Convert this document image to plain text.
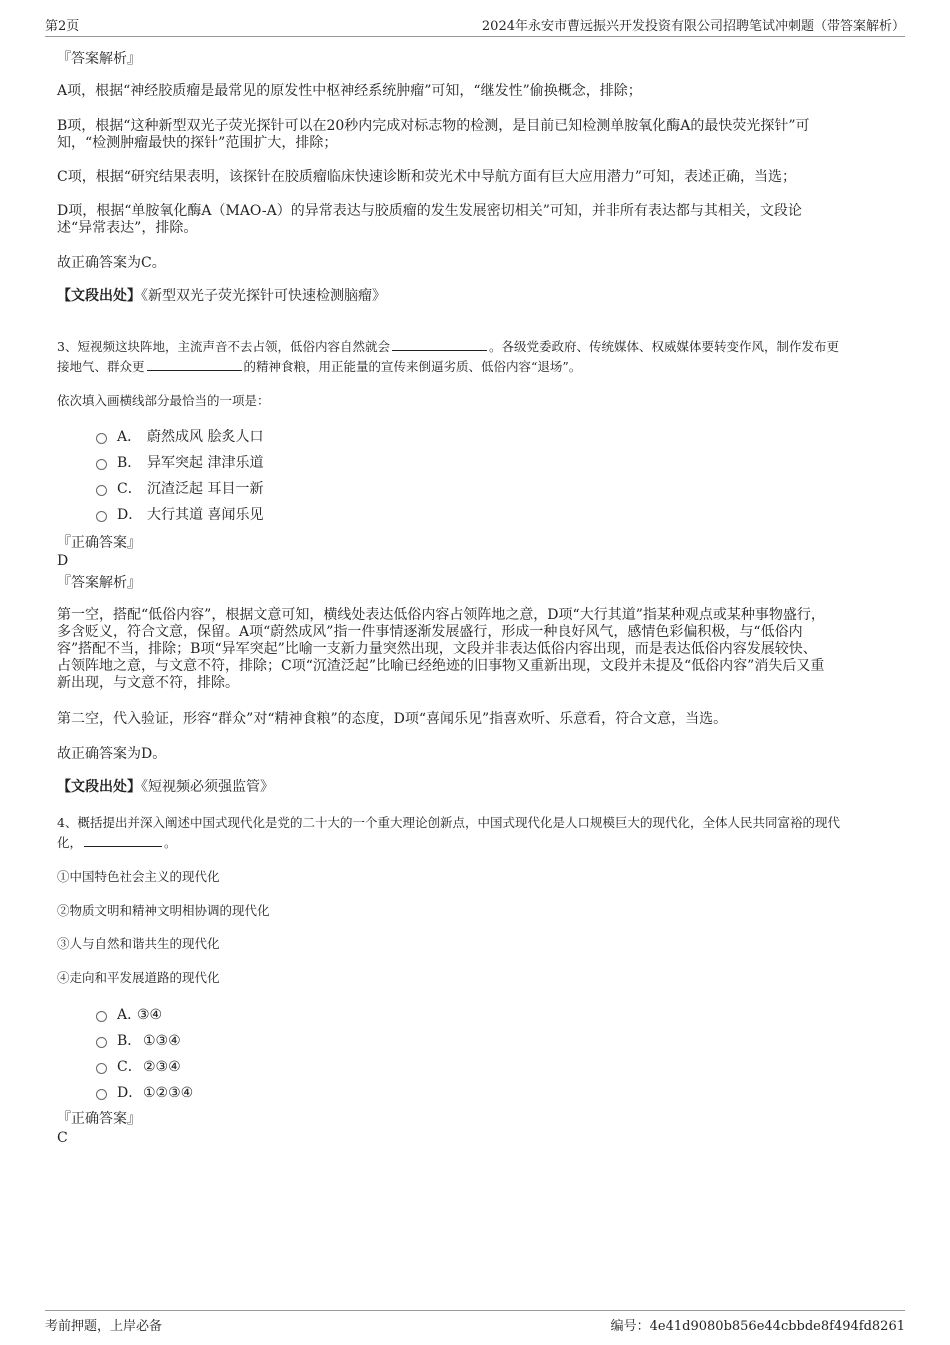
第2页	2024年永安市曹远振兴开发投资有限公司招聘笔试冲刺题（带答案解析）
『答案解析』
A项，根据“神经胶质瘤是最常见的原发性中枢神经系统肿瘤”可知，“继发性”偷换概念，排除；
B项，根据“这种新型双光子荧光探针可以在20秒内完成对标志物的检测，是目前已知检测单胺氧化酶A的最快荧光探针”可
知，“检测肿瘤最快的探针”范围扩大，排除；
C项，根据“研究结果表明，该探针在胶质瘤临床快速诊断和荧光术中导航方面有巨大应用潜力”可知，表述正确，当选；
D项，根据“单胺氧化酶A（MAO-A）的异常表达与胶质瘤的发生发展密切相关”可知，并非所有表达都与其相关，文段论
述“异常表达”，排除。
故正确答案为C。
【文段出处】《新型双光子荧光探针可快速检测脑瘤》
3、短视频这块阵地，主流声音不去占领，低俗内容自然就会	。各级党委政府、传统媒体、权威媒体要转变作风，制作发布更
接地气、群众更	的精神食粮，用正能量的宣传来倒逼劣质、低俗内容“退场”。
依次填入画横线部分最恰当的一项是：
A． 蔚然成风 脍炙人口
B． 异军突起 津津乐道
C． 沉渣泛起 耳目一新
D． 大行其道 喜闻乐见
『正确答案』
D
『答案解析』
第一空，搭配“低俗内容”，根据文意可知，横线处表达低俗内容占领阵地之意，D项“大行其道”指某种观点或某种事物盛行，
多含贬义，符合文意，保留。A项“蔚然成风”指一件事情逐渐发展盛行，形成一种良好风气，感情色彩偏积极，与“低俗内
容”搭配不当，排除；B项“异军突起”比喻一支新力量突然出现，文段并非表达低俗内容出现，而是表达低俗内容发展较快、
占领阵地之意，与文意不符，排除；C项“沉渣泛起”比喻已经绝迹的旧事物又重新出现，文段并未提及“低俗内容”消失后又重
新出现，与文意不符，排除。
第二空，代入验证，形容“群众”对“精神食粮”的态度，D项“喜闻乐见”指喜欢听、乐意看，符合文意，当选。
故正确答案为D。
【文段出处】《短视频必须强监管》
4、概括提出并深入阐述中国式现代化是党的二十大的一个重大理论创新点，中国式现代化是人口规模巨大的现代化，全体人民共同富裕的现代
化，	。
①中国特色社会主义的现代化
②物质文明和精神文明相协调的现代化
③人与自然和谐共生的现代化
④走向和平发展道路的现代化
A．
③④
B． ①③④
C． ②③④
D． ①②③④
『正确答案』
C
考前押题，上岸必备	编号：4e41d9080b856e44cbbde8f494fd8261
